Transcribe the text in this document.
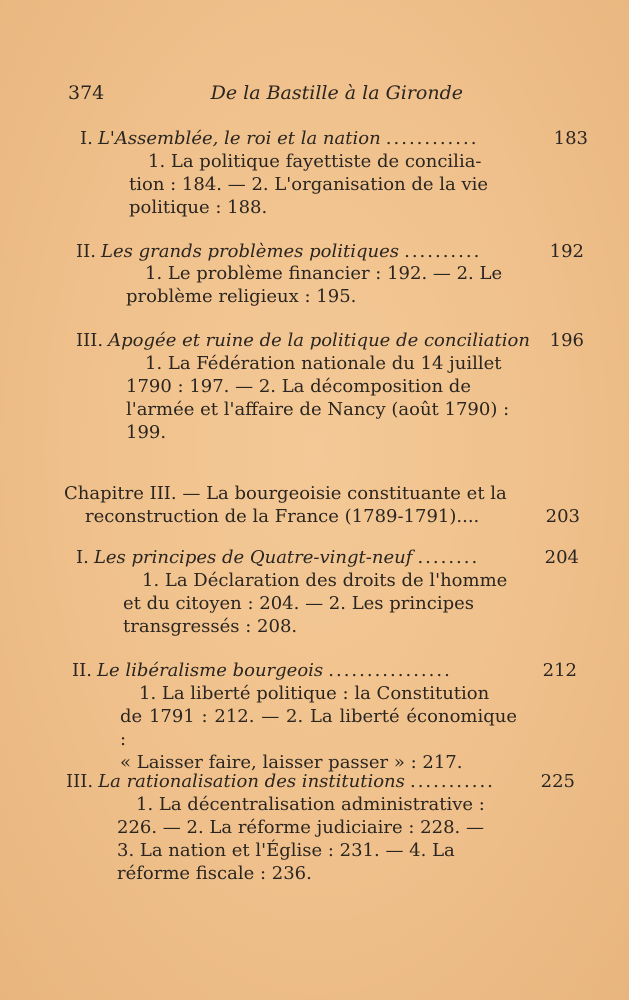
374	De la Bastille à la Gironde
I. L'Assemblée, le roi et la nation ............	183
1. La politique fayettiste de concilia-
tion : 184. — 2. L'organisation de la vie
politique : 188.
II. Les grands problèmes politiques ..........	192
1. Le problème financier : 192. — 2. Le
problème religieux : 195.
III. Apogée et ruine de la politique de conciliation 196
1. La Fédération nationale du 14 juillet
1790 : 197. — 2. La décomposition de
l'armée et l'affaire de Nancy (août 1790) :
199.
Chapitre III. — La bourgeoisie constituante et la
reconstruction de la France (1789-1791)....	203
I. Les principes de Quatre-vingt-neuf ........	204
1. La Déclaration des droits de l'homme
et du citoyen : 204. — 2. Les principes
transgressés : 208.
II. Le libéralisme bourgeois ................	212
1. La liberté politique : la Constitution
de 1791 : 212. — 2. La liberté économique :
« Laisser faire, laisser passer » : 217.
III. La rationalisation des institutions ...........	225
1. La décentralisation administrative :
226. — 2. La réforme judiciaire : 228. —
3. La nation et l'Église : 231. — 4. La
réforme fiscale : 236.
